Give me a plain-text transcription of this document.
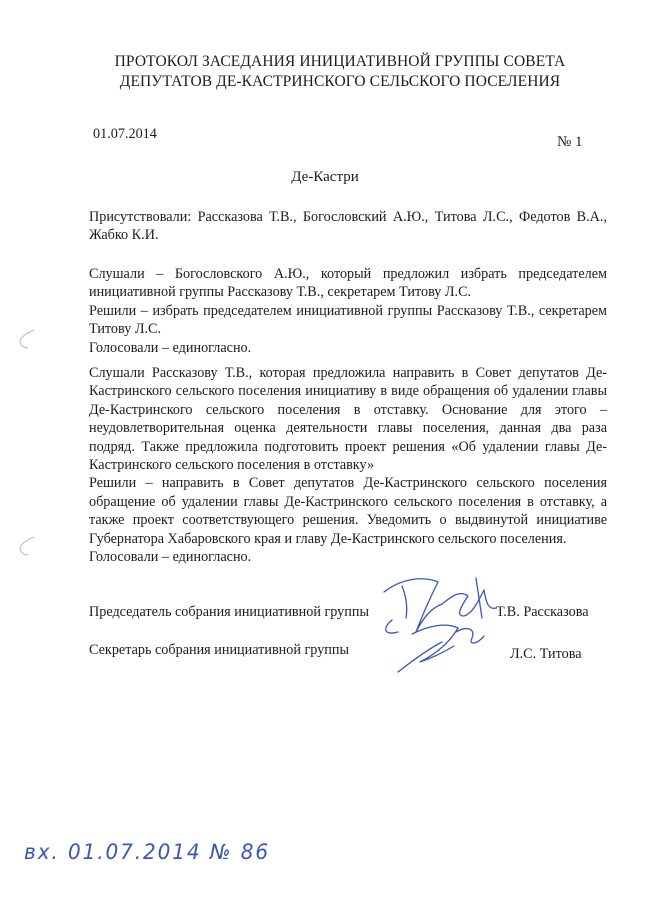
ПРОТОКОЛ ЗАСЕДАНИЯ ИНИЦИАТИВНОЙ ГРУППЫ СОВЕТА
ДЕПУТАТОВ ДЕ-КАСТРИНСКОГО СЕЛЬСКОГО ПОСЕЛЕНИЯ
01.07.2014	№ 1
Де-Кастри

Присутствовали: Рассказова Т.В., Богословский А.Ю., Титова Л.С., Федотов В.А., Жабко К.И.

Слушали – Богословского А.Ю., который предложил избрать председателем инициативной группы Рассказову Т.В., секретарем Титову Л.С.

Решили – избрать председателем инициативной группы Рассказову Т.В., секретарем Титову Л.С.

Голосовали – единогласно.

Слушали Рассказову Т.В., которая предложила направить в Совет депутатов Де-Кастринского сельского поселения инициативу в виде обращения об удалении главы Де-Кастринского сельского поселения в отставку. Основание для этого – неудовлетворительная оценка деятельности главы поселения, данная два раза подряд. Также предложила подготовить проект решения «Об удалении главы Де-Кастринского сельского поселения в отставку»

Решили – направить в Совет депутатов Де-Кастринского сельского поселения обращение об удалении главы Де-Кастринского сельского поселения в отставку, а также проект соответствующего решения. Уведомить о выдвинутой инициативе Губернатора Хабаровского края и главу Де-Кастринского сельского поселения.

Голосовали – единогласно.

Председатель собрания инициативной группы	Т.В. Рассказова
Секретарь собрания инициативной группы	Л.С. Титова
вх. 01.07.2014 № 86
